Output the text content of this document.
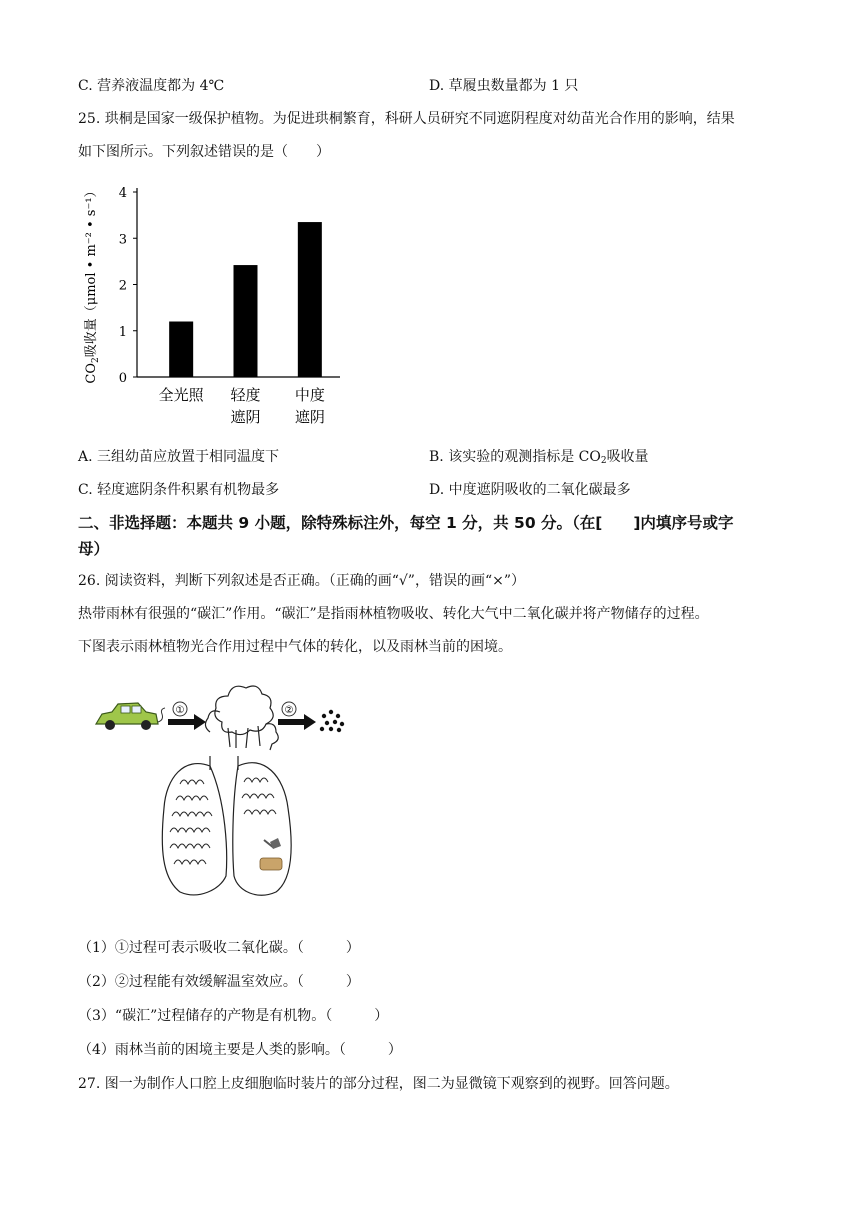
C. 营养液温度都为 4℃	D. 草履虫数量都为 1 只
25. 珙桐是国家一级保护植物。为促进珙桐繁育，科研人员研究不同遮阴程度对幼苗光合作用的影响，结果
如下图所示。下列叙述错误的是（　　）
0
1
2
3
4
$CO_2$吸收量（μmol • m⁻² • s⁻¹）
全光照 轻度
遮阴
中度
遮阴
A. 三组幼苗应放置于相同温度下	B. 该实验的观测指标是 $CO_2$吸收量
C. 轻度遮阴条件积累有机物最多	D. 中度遮阴吸收的二氧化碳最多
二、非选择题：本题共 9 小题，除特殊标注外，每空 1 分，共 50 分。（在[　　]内填序号或字
母）
26. 阅读资料，判断下列叙述是否正确。（正确的画“√”，错误的画“×”）
热带雨林有很强的“碳汇”作用。“碳汇”是指雨林植物吸收、转化大气中二氧化碳并将产物储存的过程。
下图表示雨林植物光合作用过程中气体的转化，以及雨林当前的困境。
①	②
（1）①过程可表示吸收二氧化碳。（　　　）
（2）②过程能有效缓解温室效应。（　　　）
（3）“碳汇”过程储存的产物是有机物。（　　　）
（4）雨林当前的困境主要是人类的影响。（　　　）
27. 图一为制作人口腔上皮细胞临时装片的部分过程，图二为显微镜下观察到的视野。回答问题。
